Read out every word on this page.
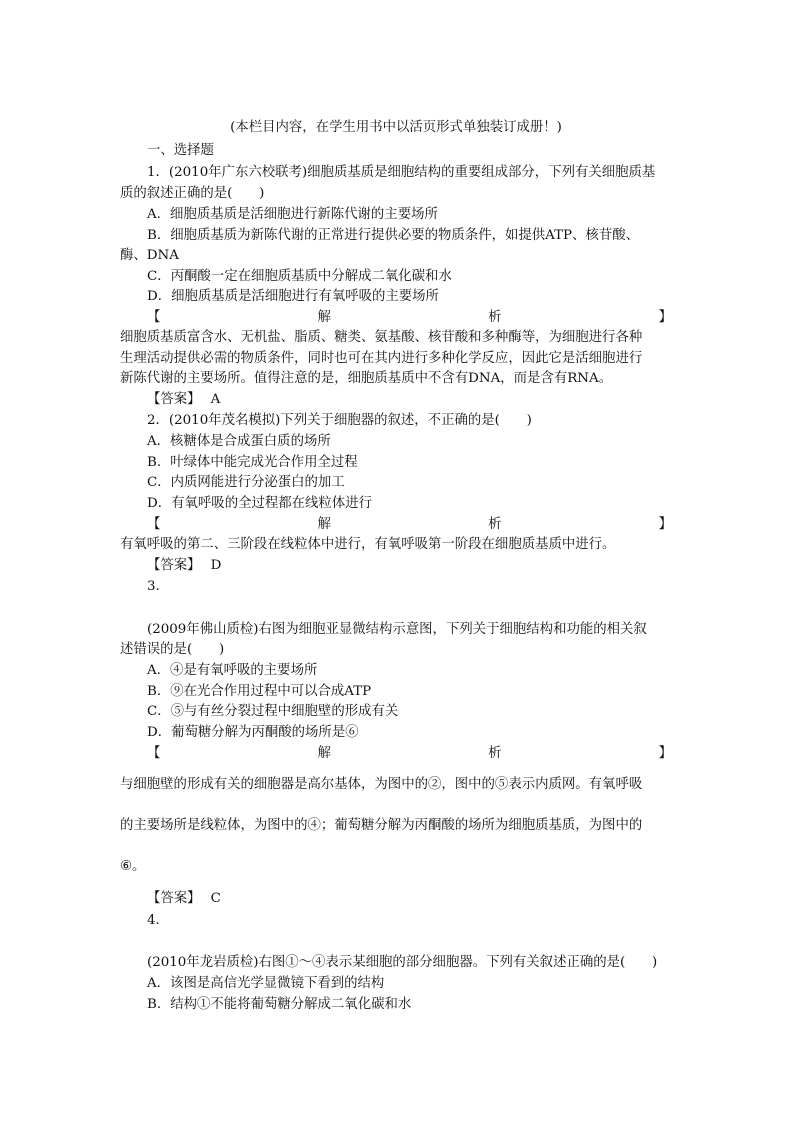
(本栏目内容，在学生用书中以活页形式单独装订成册！)
一、选择题
1．(2010年广东六校联考)细胞质基质是细胞结构的重要组成部分，下列有关细胞质基
质的叙述正确的是(　　)
A．细胞质基质是活细胞进行新陈代谢的主要场所
B．细胞质基质为新陈代谢的正常进行提供必要的物质条件，如提供ATP、核苷酸、
酶、DNA
C．丙酮酸一定在细胞质基质中分解成二氧化碳和水
D．细胞质基质是活细胞进行有氧呼吸的主要场所
【	解	析	】
细胞质基质富含水、无机盐、脂质、糖类、氨基酸、核苷酸和多种酶等，为细胞进行各种
生理活动提供必需的物质条件，同时也可在其内进行多种化学反应，因此它是活细胞进行
新陈代谢的主要场所。值得注意的是，细胞质基质中不含有DNA，而是含有RNA。
【答案】 A
2．(2010年茂名模拟)下列关于细胞器的叙述，不正确的是(　　)
A．核糖体是合成蛋白质的场所
B．叶绿体中能完成光合作用全过程
C．内质网能进行分泌蛋白的加工
D．有氧呼吸的全过程都在线粒体进行
【	解	析	】
有氧呼吸的第二、三阶段在线粒体中进行，有氧呼吸第一阶段在细胞质基质中进行。
【答案】 D
3.
(2009年佛山质检)右图为细胞亚显微结构示意图，下列关于细胞结构和功能的相关叙
述错误的是(　　)
A．④是有氧呼吸的主要场所
B．⑨在光合作用过程中可以合成ATP
C．⑤与有丝分裂过程中细胞壁的形成有关
D．葡萄糖分解为丙酮酸的场所是⑥
【	解	析	】
与细胞壁的形成有关的细胞器是高尔基体，为图中的②，图中的⑤表示内质网。有氧呼吸
的主要场所是线粒体，为图中的④；葡萄糖分解为丙酮酸的场所为细胞质基质，为图中的
⑥。
【答案】 C
4.
(2010年龙岩质检)右图①～④表示某细胞的部分细胞器。下列有关叙述正确的是(　　)
A．该图是高信光学显微镜下看到的结构
B．结构①不能将葡萄糖分解成二氧化碳和水
